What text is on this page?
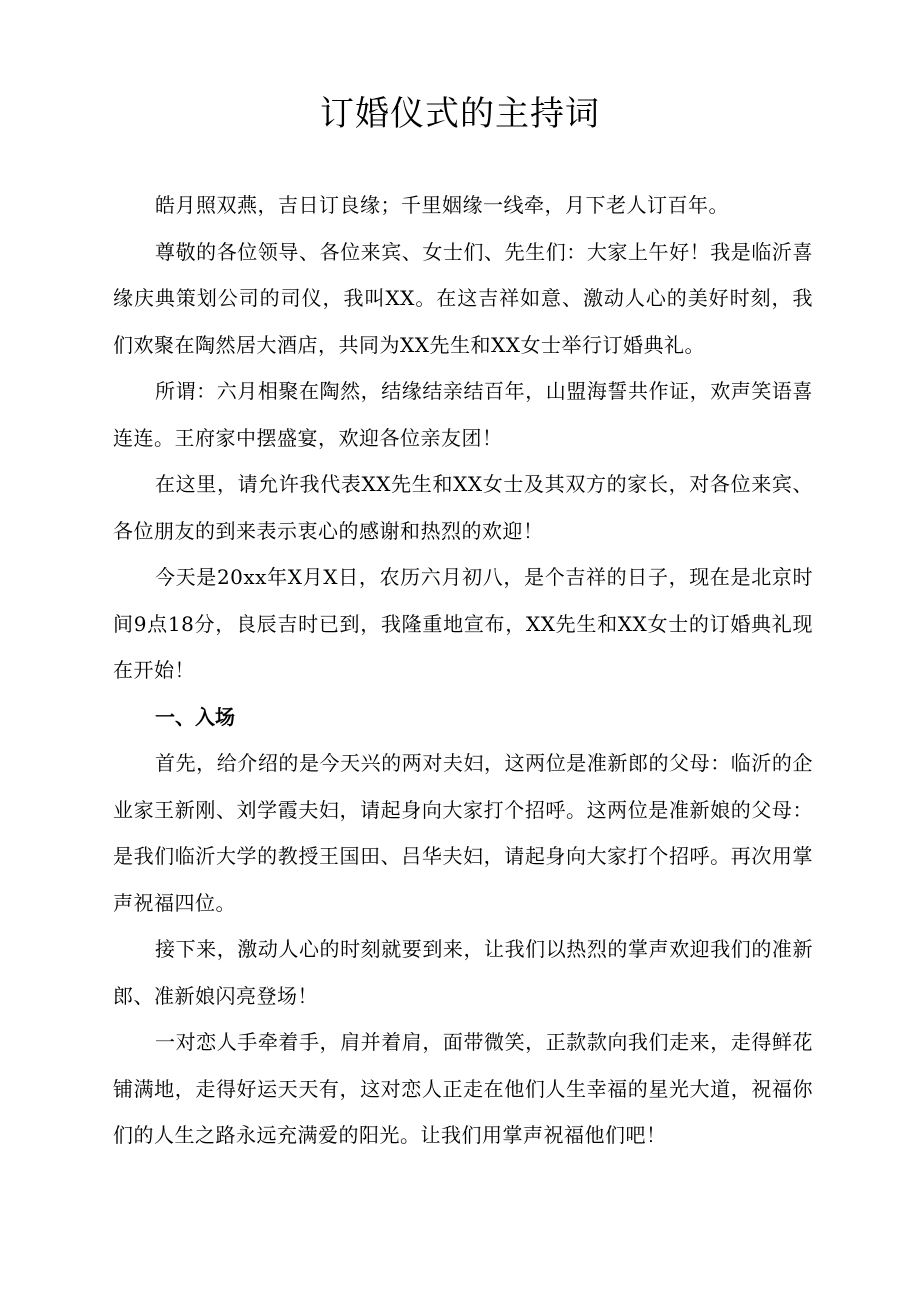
订婚仪式的主持词

皓月照双燕，吉日订良缘；千里姻缘一线牵，月下老人订百年。

尊敬的各位领导、各位来宾、女士们、先生们：大家上午好！我是临沂喜缘庆典策划公司的司仪，我叫XX。在这吉祥如意、激动人心的美好时刻，我们欢聚在陶然居大酒店，共同为XX先生和XX女士举行订婚典礼。

所谓：六月相聚在陶然，结缘结亲结百年，山盟海誓共作证，欢声笑语喜连连。王府家中摆盛宴，欢迎各位亲友团！

在这里，请允许我代表XX先生和XX女士及其双方的家长，对各位来宾、各位朋友的到来表示衷心的感谢和热烈的欢迎！

今天是20xx年X月X日，农历六月初八，是个吉祥的日子，现在是北京时间9点18分，良辰吉时已到，我隆重地宣布，XX先生和XX女士的订婚典礼现在开始！

一、入场

首先，给介绍的是今天兴的两对夫妇，这两位是准新郎的父母：临沂的企业家王新刚、刘学霞夫妇，请起身向大家打个招呼。这两位是准新娘的父母：是我们临沂大学的教授王国田、吕华夫妇，请起身向大家打个招呼。再次用掌声祝福四位。

接下来，激动人心的时刻就要到来，让我们以热烈的掌声欢迎我们的准新郎、准新娘闪亮登场！

一对恋人手牵着手，肩并着肩，面带微笑，正款款向我们走来，走得鲜花铺满地，走得好运天天有，这对恋人正走在他们人生幸福的星光大道，祝福你们的人生之路永远充满爱的阳光。让我们用掌声祝福他们吧！
